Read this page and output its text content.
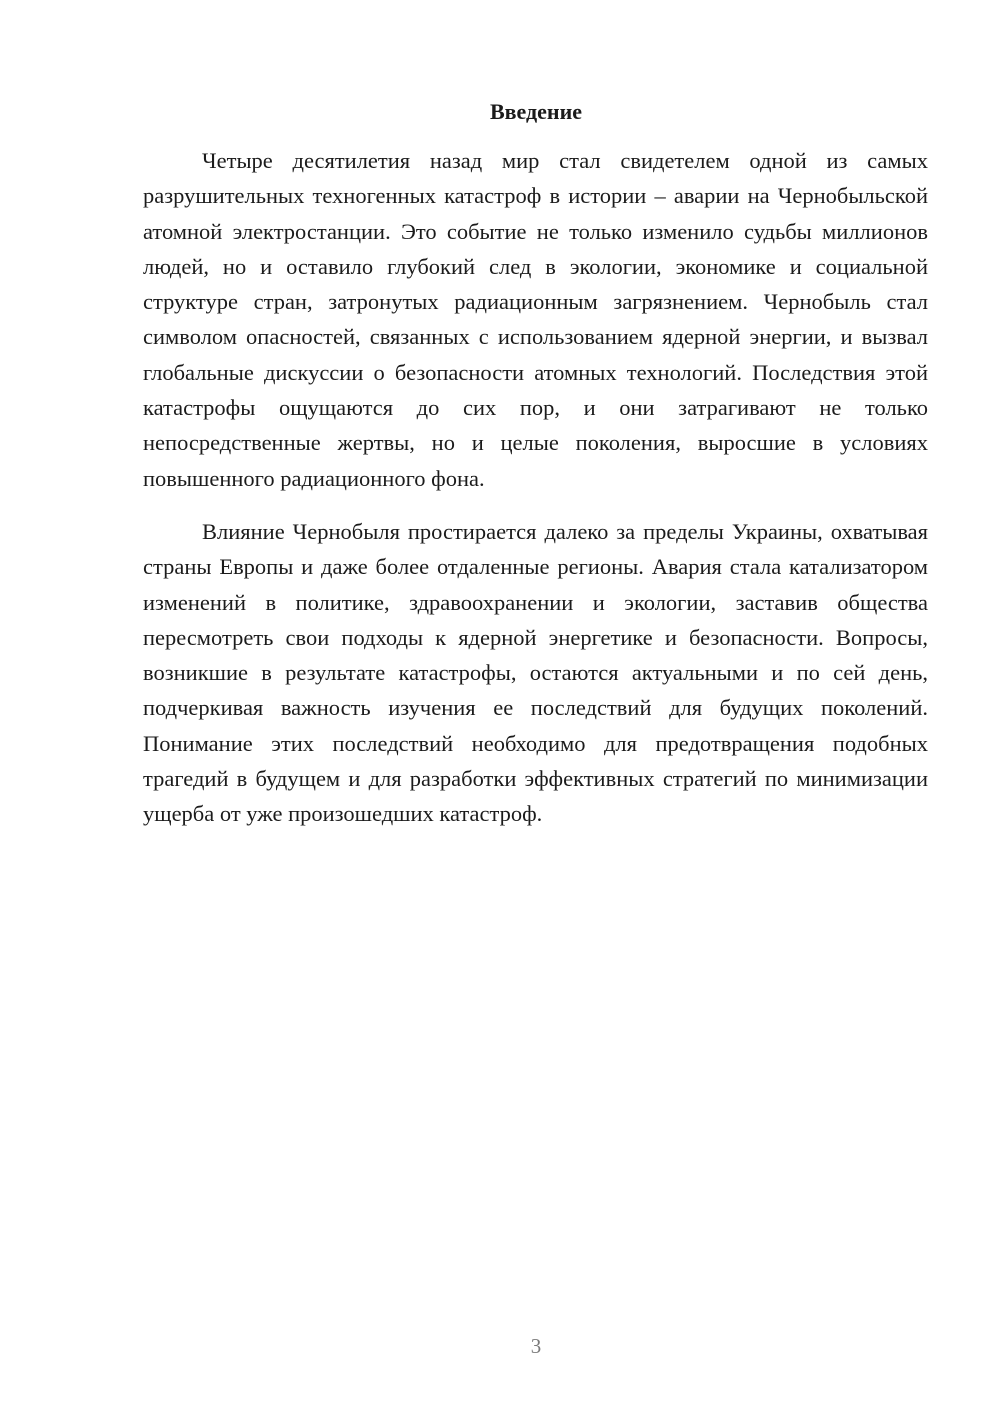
Введение

Четыре десятилетия назад мир стал свидетелем одной из самых разрушительных техногенных катастроф в истории – аварии на Чернобыльской атомной электростанции. Это событие не только изменило судьбы миллионов людей, но и оставило глубокий след в экологии, экономике и социальной структуре стран, затронутых радиационным загрязнением. Чернобыль стал символом опасностей, связанных с использованием ядерной энергии, и вызвал глобальные дискуссии о безопасности атомных технологий. Последствия этой катастрофы ощущаются до сих пор, и они затрагивают не только непосредственные жертвы, но и целые поколения, выросшие в условиях повышенного радиационного фона.

Влияние Чернобыля простирается далеко за пределы Украины, охватывая страны Европы и даже более отдаленные регионы. Авария стала катализатором изменений в политике, здравоохранении и экологии, заставив общества пересмотреть свои подходы к ядерной энергетике и безопасности. Вопросы, возникшие в результате катастрофы, остаются актуальными и по сей день, подчеркивая важность изучения ее последствий для будущих поколений. Понимание этих последствий необходимо для предотвращения подобных трагедий в будущем и для разработки эффективных стратегий по минимизации ущерба от уже произошедших катастроф.

3
